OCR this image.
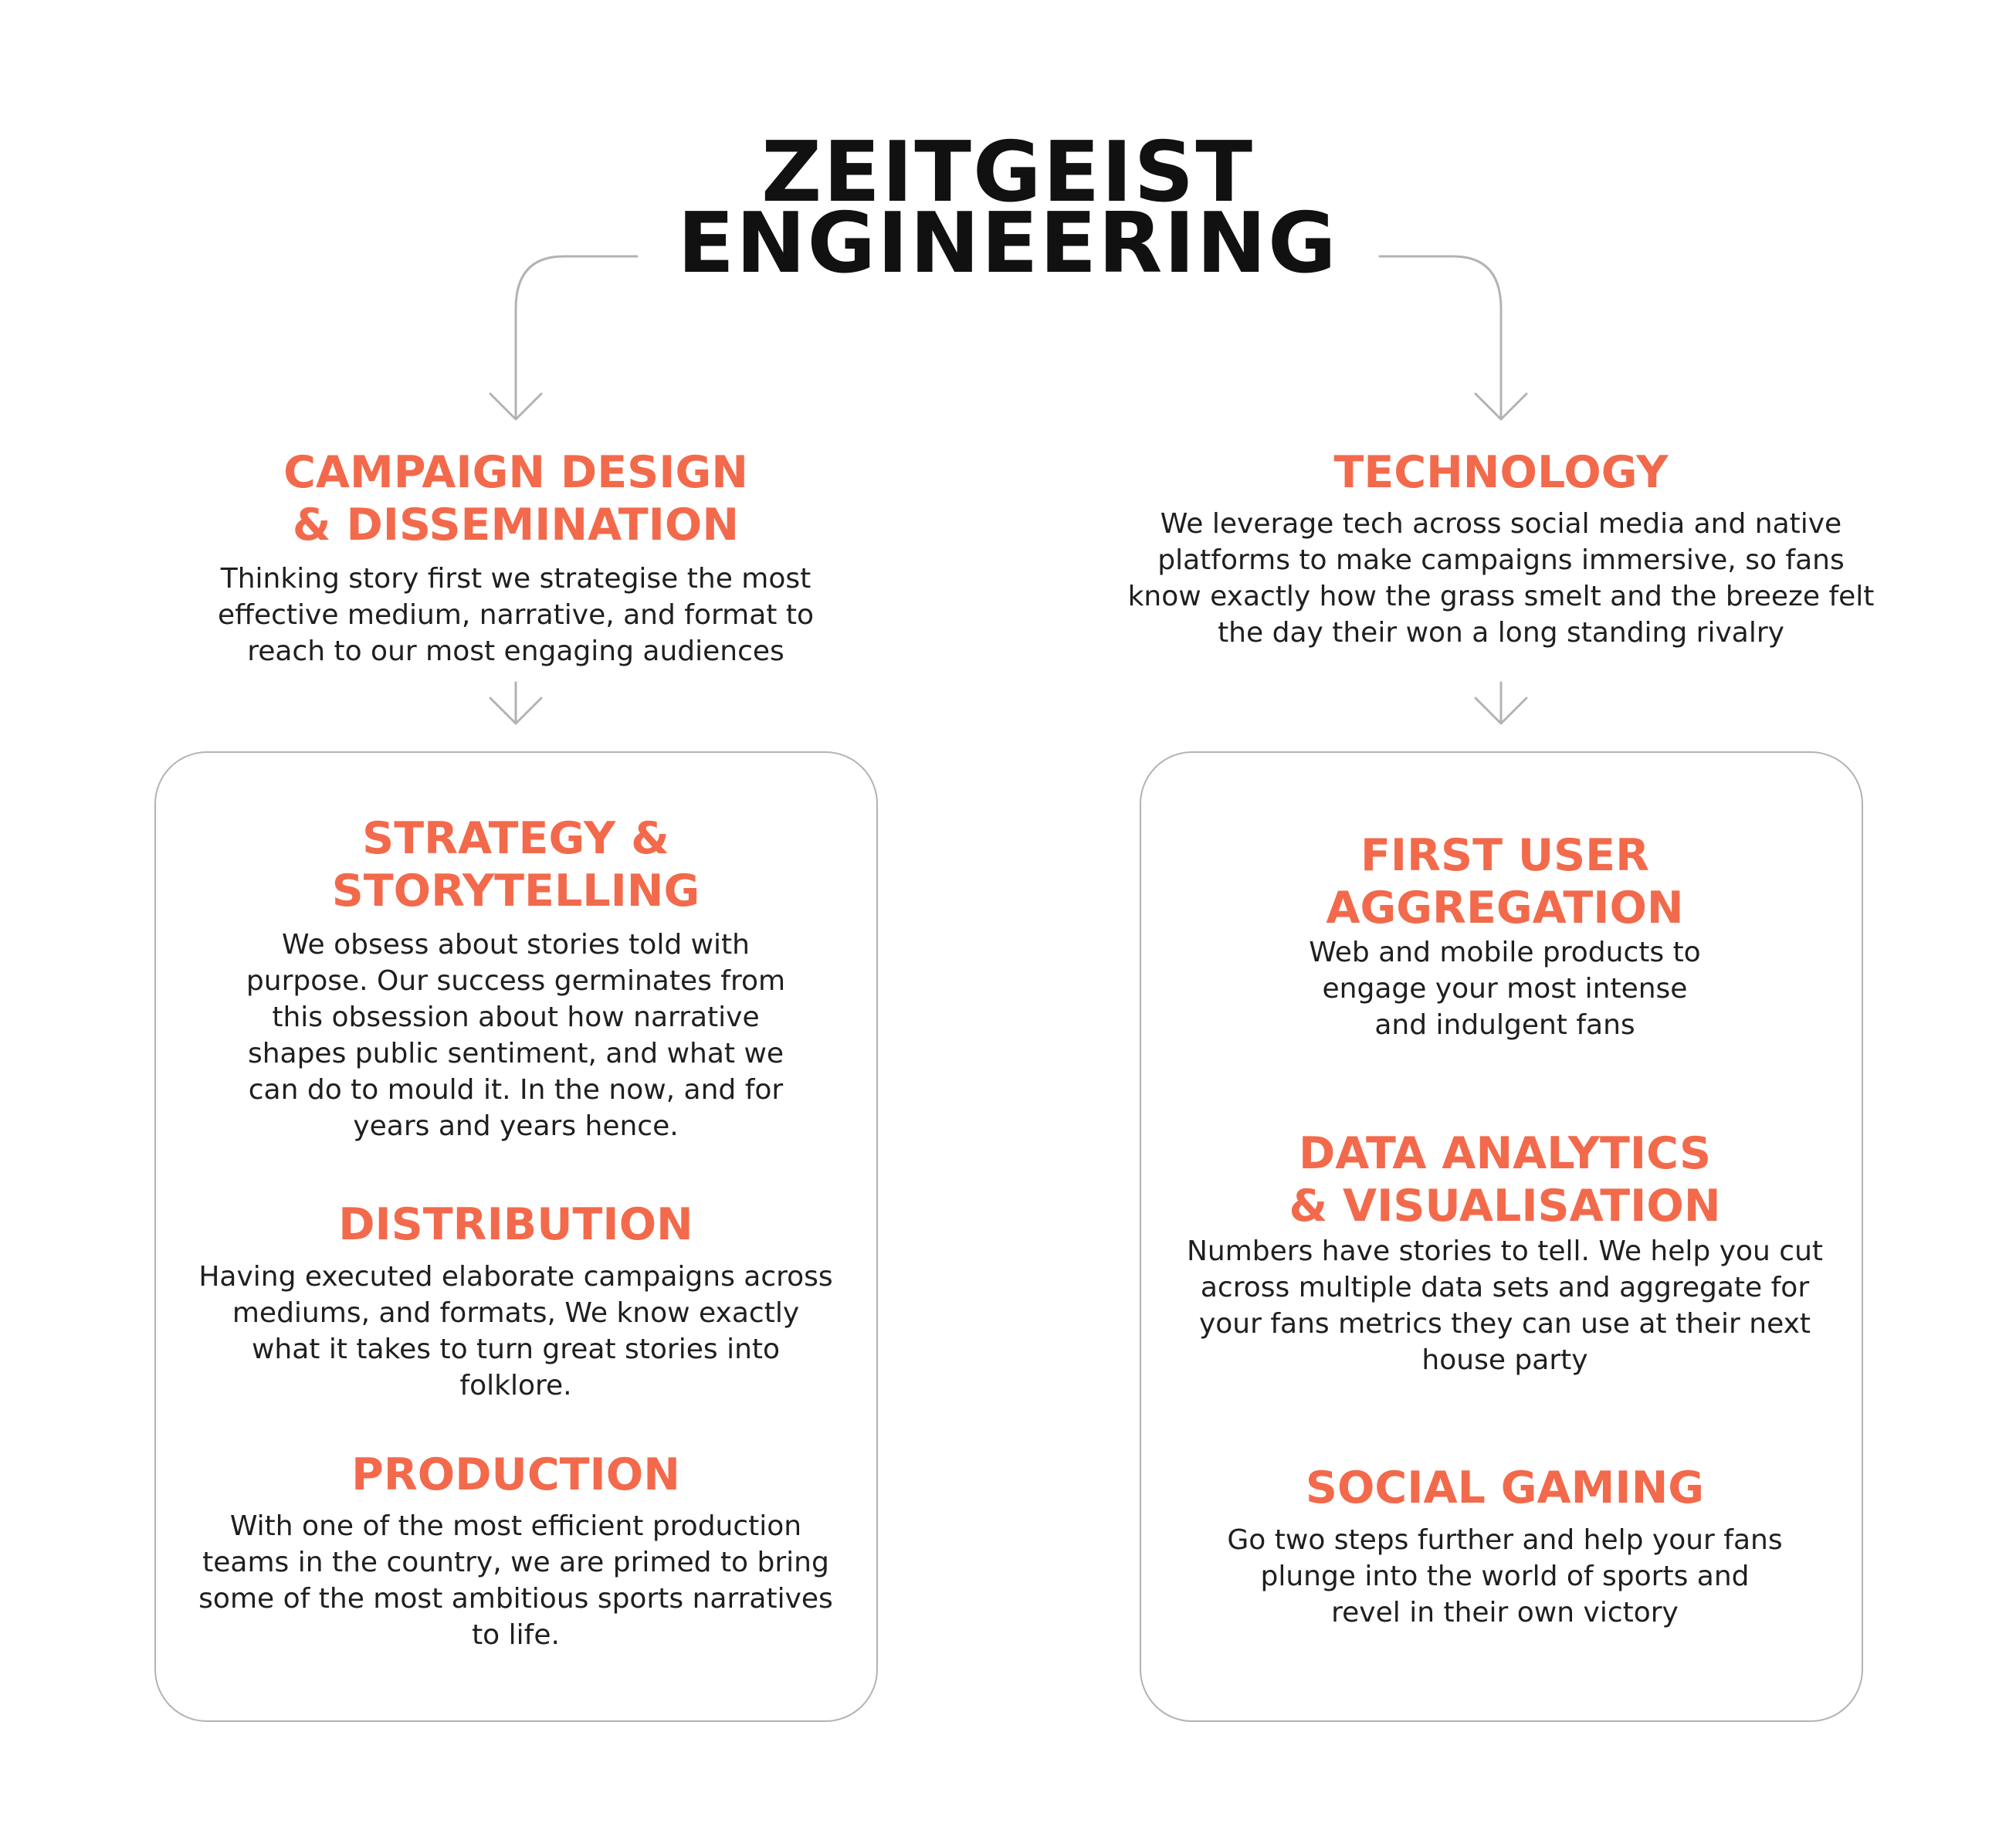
ZEITGEIST
ENGINEERING
CAMPAIGN DESIGN
& DISSEMINATION
Thinking story first we strategise the most
effective medium, narrative, and format to
reach to our most engaging audiences
TECHNOLOGY
We leverage tech across social media and native
platforms to make campaigns immersive, so fans
know exactly how the grass smelt and the breeze felt
the day their won a long standing rivalry
STRATEGY &
STORYTELLING
We obsess about stories told with
purpose. Our success germinates from
this obsession about how narrative
shapes public sentiment, and what we
can do to mould it. In the now, and for
years and years hence.
DISTRIBUTION
Having executed elaborate campaigns across
mediums, and formats, We know exactly
what it takes to turn great stories into
folklore.
PRODUCTION
With one of the most efficient production
teams in the country, we are primed to bring
some of the most ambitious sports narratives
to life.
FIRST USER
AGGREGATION
Web and mobile products to
engage your most intense
and indulgent fans
DATA ANALYTICS
& VISUALISATION
Numbers have stories to tell. We help you cut
across multiple data sets and aggregate for
your fans metrics they can use at their next
house party
SOCIAL GAMING
Go two steps further and help your fans
plunge into the world of sports and
revel in their own victory
